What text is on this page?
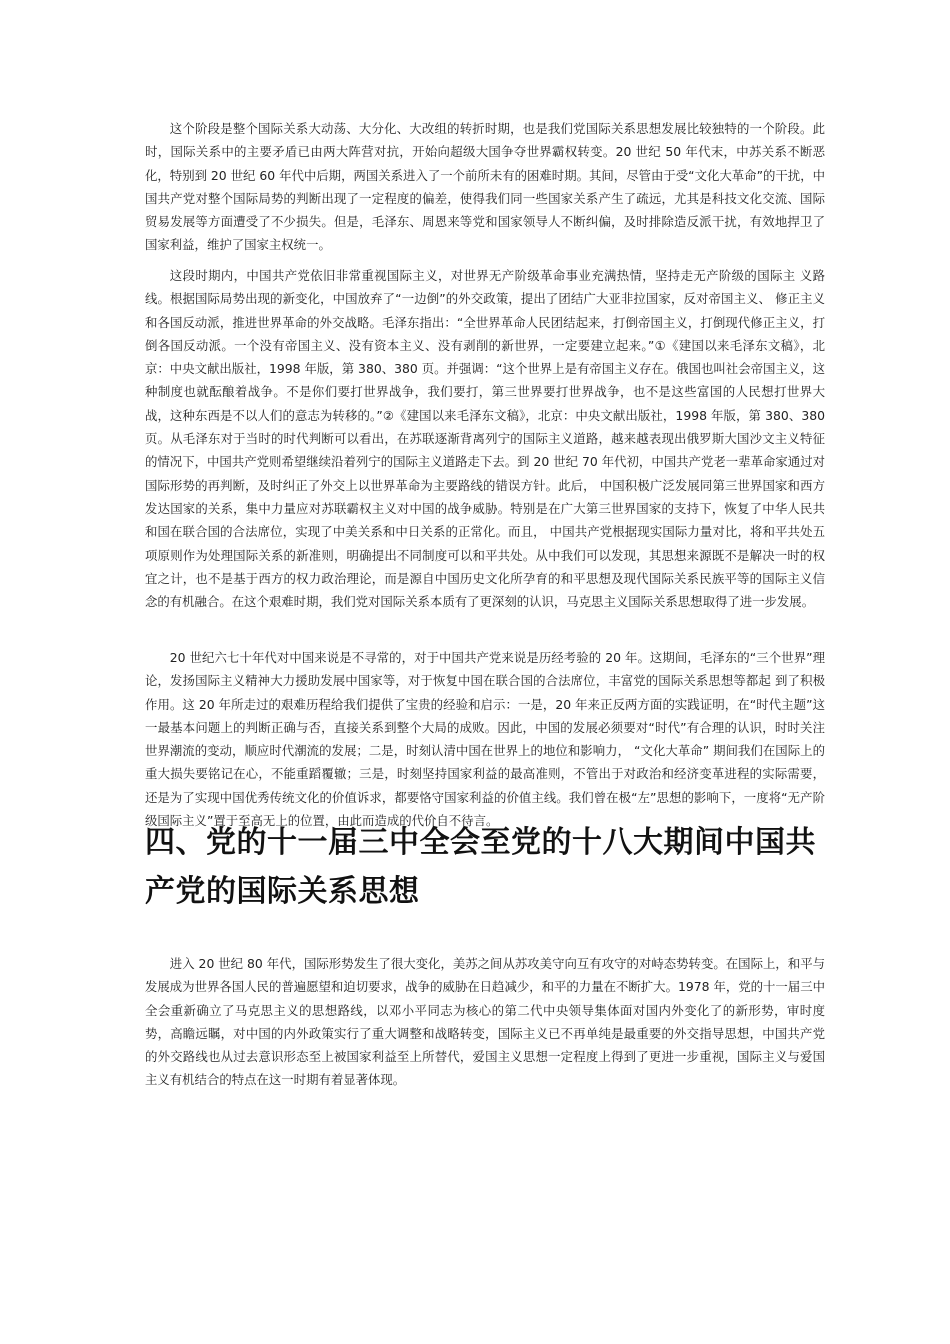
这个阶段是整个国际关系大动荡、大分化、大改组的转折时期，也是我们党国际关系思想发展比较独特的一个阶段。此时，国际关系中的主要矛盾已由两大阵营对抗，开始向超级大国争夺世界霸权转变。20 世纪 50 年代末，中苏关系不断恶化，特别到 20 世纪 60 年代中后期，两国关系进入了一个前所未有的困难时期。其间，尽管由于受“文化大革命”的干扰，中国共产党对整个国际局势的判断出现了一定程度的偏差，使得我们同一些国家关系产生了疏远，尤其是科技文化交流、国际贸易发展等方面遭受了不少损失。但是，毛泽东、周恩来等党和国家领导人不断纠偏，及时排除造反派干扰，有效地捍卫了国家利益，维护了国家主权统一。

这段时期内，中国共产党依旧非常重视国际主义，对世界无产阶级革命事业充满热情，坚持走无产阶级的国际主 义路线。根据国际局势出现的新变化，中国放弃了“一边倒”的外交政策，提出了团结广大亚非拉国家，反对帝国主义、 修正主义和各国反动派，推进世界革命的外交战略。毛泽东指出：“全世界革命人民团结起来，打倒帝国主义，打倒现代修正主义，打倒各国反动派。一个没有帝国主义、没有资本主义、没有剥削的新世界，一定要建立起来。”①《建国以来毛泽东文稿》，北京：中央文献出版社，1998 年版，第 380、380 页。并强调：“这个世界上是有帝国主义存在。俄国也叫社会帝国主义，这种制度也就酝酿着战争。不是你们要打世界战争，我们要打，第三世界要打世界战争，也不是这些富国的人民想打世界大战，这种东西是不以人们的意志为转移的。”②《建国以来毛泽东文稿》，北京：中央文献出版社，1998 年版，第 380、380 页。从毛泽东对于当时的时代判断可以看出，在苏联逐渐背离列宁的国际主义道路，越来越表现出俄罗斯大国沙文主义特征的情况下，中国共产党则希望继续沿着列宁的国际主义道路走下去。到 20 世纪 70 年代初，中国共产党老一辈革命家通过对国际形势的再判断，及时纠正了外交上以世界革命为主要路线的错误方针。此后， 中国积极广泛发展同第三世界国家和西方发达国家的关系，集中力量应对苏联霸权主义对中国的战争威胁。特别是在广大第三世界国家的支持下，恢复了中华人民共和国在联合国的合法席位，实现了中美关系和中日关系的正常化。而且， 中国共产党根据现实国际力量对比，将和平共处五项原则作为处理国际关系的新准则，明确提出不同制度可以和平共处。从中我们可以发现，其思想来源既不是解决一时的权宜之计，也不是基于西方的权力政治理论，而是源自中国历史文化所孕育的和平思想及现代国际关系民族平等的国际主义信念的有机融合。在这个艰难时期，我们党对国际关系本质有了更深刻的认识，马克思主义国际关系思想取得了进一步发展。

20 世纪六七十年代对中国来说是不寻常的，对于中国共产党来说是历经考验的 20 年。这期间，毛泽东的“三个世界”理论，发扬国际主义精神大力援助发展中国家等，对于恢复中国在联合国的合法席位，丰富党的国际关系思想等都起 到了积极作用。这 20 年所走过的艰难历程给我们提供了宝贵的经验和启示：一是，20 年来正反两方面的实践证明，在“时代主题”这一最基本问题上的判断正确与否，直接关系到整个大局的成败。因此，中国的发展必须要对“时代”有合理的认识，时时关注世界潮流的变动，顺应时代潮流的发展；二是，时刻认清中国在世界上的地位和影响力， “文化大革命” 期间我们在国际上的重大损失要铭记在心，不能重蹈覆辙；三是，时刻坚持国家利益的最高准则，不管出于对政治和经济变革进程的实际需要，还是为了实现中国优秀传统文化的价值诉求，都要恪守国家利益的价值主线。我们曾在极“左”思想的影响下，一度将“无产阶级国际主义”置于至高无上的位置，由此而造成的代价自不待言。

四、党的十一届三中全会至党的十八大期间中国共产党的国际关系思想

进入 20 世纪 80 年代，国际形势发生了很大变化，美苏之间从苏攻美守向互有攻守的对峙态势转变。在国际上，和平与发展成为世界各国人民的普遍愿望和迫切要求，战争的威胁在日趋减少，和平的力量在不断扩大。1978 年，党的十一届三中全会重新确立了马克思主义的思想路线，以邓小平同志为核心的第二代中央领导集体面对国内外变化了的新形势，审时度势，高瞻远瞩，对中国的内外政策实行了重大调整和战略转变，国际主义已不再单纯是最重要的外交指导思想，中国共产党的外交路线也从过去意识形态至上被国家利益至上所替代，爱国主义思想一定程度上得到了更进一步重视，国际主义与爱国主义有机结合的特点在这一时期有着显著体现。
